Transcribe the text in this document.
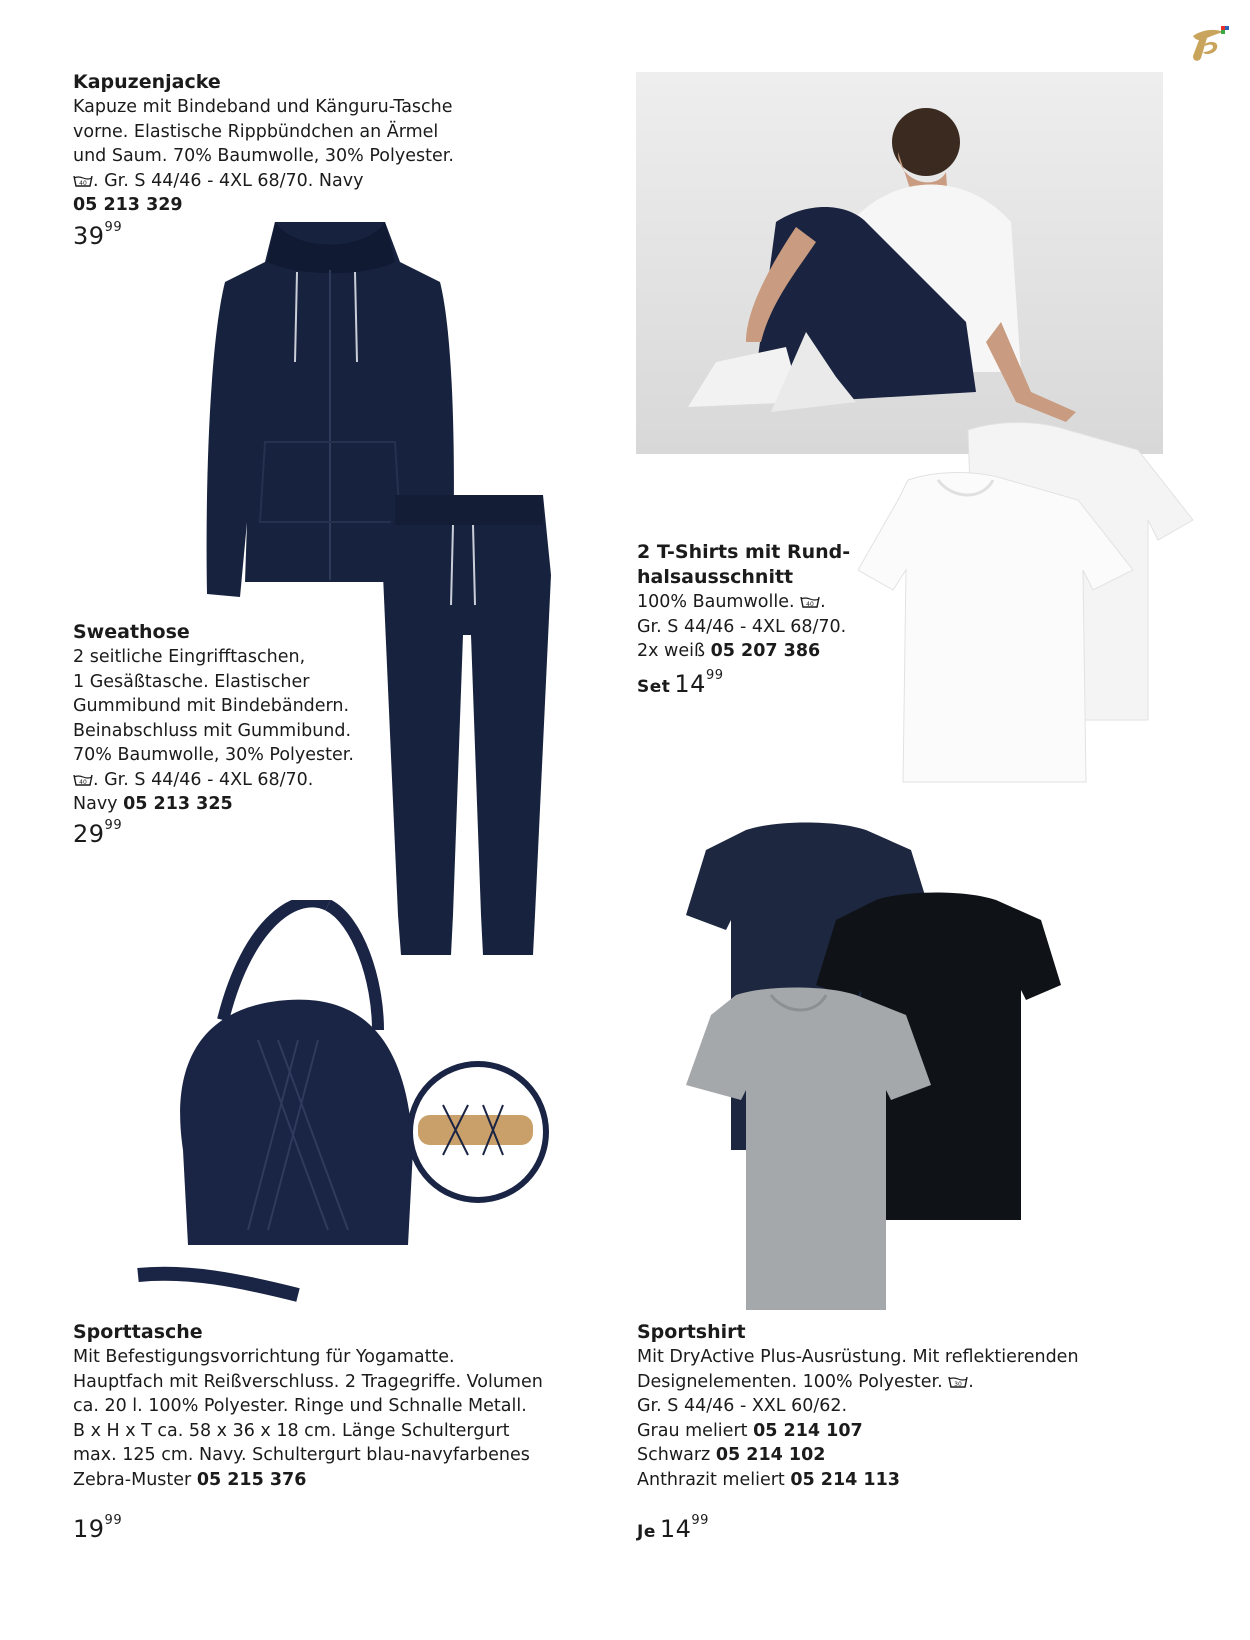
Kapuzenjacke
Kapuze mit Bindeband und Känguru-Tasche
vorne. Elastische Rippbündchen an Ärmel
und Saum. 70% Baumwolle, 30% Polyester.
40 . Gr. S 44/46 - 4XL 68/70. Navy
05 213 329
$39^{99}$
Sweathose
2 seitliche Eingrifftaschen,
1 Gesäßtasche. Elastischer
Gummibund mit Bindebändern.
Beinabschluss mit Gummibund.
70% Baumwolle, 30% Polyester.
40 . Gr. S 44/46 - 4XL 68/70.
Navy 05 213 325
$29^{99}$
2 T-Shirts mit Rund-
halsausschnitt
100% Baumwolle. 40 .
Gr. S 44/46 - 4XL 68/70.
2x weiß 05 207 386
Set $14^{99}$
Sporttasche
Mit Befestigungsvorrichtung für Yogamatte.
Hauptfach mit Reißverschluss. 2 Tragegriffe. Volumen
ca. 20 l. 100% Polyester. Ringe und Schnalle Metall.
B x H x T ca. 58 x 36 x 18 cm. Länge Schultergurt
max. 125 cm. Navy. Schultergurt blau-navyfarbenes
Zebra-Muster 05 215 376
$19^{99}$
Sportshirt
Mit DryActive Plus-Ausrüstung. Mit reflektierenden
Designelementen. 100% Polyester. 30 .
Gr. S 44/46 - XXL 60/62.
Grau meliert 05 214 107
Schwarz 05 214 102
Anthrazit meliert 05 214 113
Je $14^{99}$
